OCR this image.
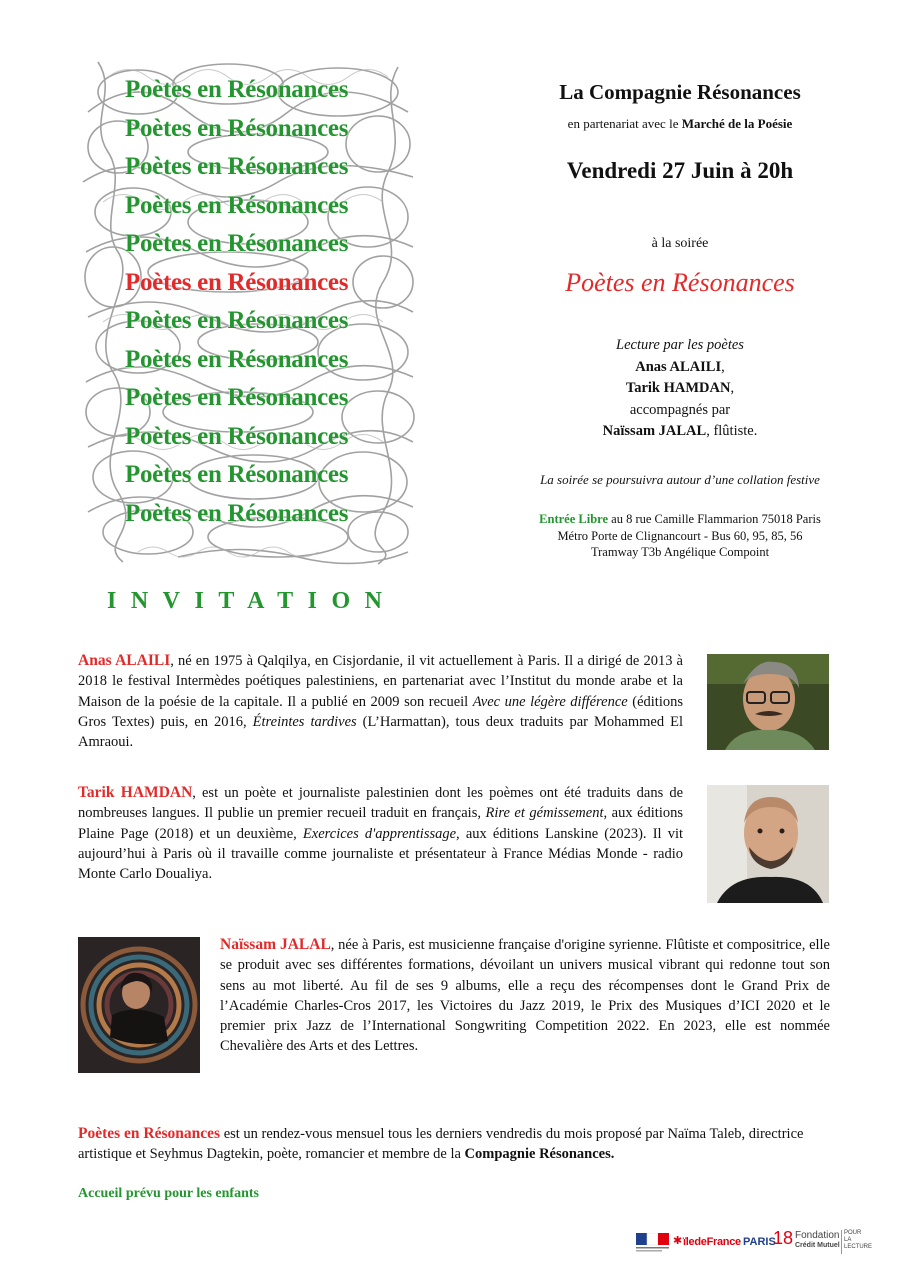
Poètes en Résonances
Poètes en Résonances
Poètes en Résonances
Poètes en Résonances
Poètes en Résonances
Poètes en Résonances
Poètes en Résonances
Poètes en Résonances
Poètes en Résonances
Poètes en Résonances
Poètes en Résonances
Poètes en Résonances
INVITATION
La Compagnie Résonances
en partenariat avec le Marché de la Poésie
Vendredi 27 Juin à 20h
à la soirée
Poètes en Résonances
Lecture par les poètes
Anas ALAILI,
Tarik HAMDAN,
accompagnés par
Naïssam JALAL, flûtiste.
La soirée se poursuivra autour d’une collation festive
Entrée Libre au 8 rue Camille Flammarion 75018 Paris
Métro Porte de Clignancourt - Bus 60, 95, 85, 56
Tramway T3b Angélique Compoint

Anas ALAILI, né en 1975 à Qalqilya, en Cisjordanie, il vit actuellement à Paris. Il a dirigé de 2013 à 2018 le festival Intermèdes poétiques palestiniens, en partenariat avec l’Institut du monde arabe et la Maison de la poésie de la capitale. Il a publié en 2009 son recueil Avec une légère différence (éditions Gros Textes) puis, en 2016, Étreintes tardives (L’Harmattan), tous deux traduits par Mohammed El Amraoui.

Tarik HAMDAN, est un poète et journaliste palestinien dont les poèmes ont été traduits dans de nombreuses langues. Il publie un premier recueil traduit en français, Rire et gémissement, aux éditions Plaine Page (2018) et un deuxième, Exercices d'apprentissage, aux éditions Lanskine (2023). Il vit aujourd’hui à Paris où il travaille comme journaliste et présentateur à France Médias Monde - radio Monte Carlo Doualiya.

Naïssam JALAL, née à Paris, est musicienne française d'origine syrienne. Flûtiste et compositrice, elle se produit avec ses différentes formations, dévoilant un univers musical vibrant qui redonne tout son sens au mot liberté. Au fil de ses 9 albums, elle a reçu des récompenses dont le Grand Prix de l’Académie Charles-Cros 2017, les Victoires du Jazz 2019, le Prix des Musiques d’ICI 2020 et le premier prix Jazz de l’International Songwriting Competition 2022. En 2023, elle est nommée Chevalière des Arts et des Lettres.

Poètes en Résonances est un rendez-vous mensuel tous les derniers vendredis du mois proposé par Naïma Taleb, directrice artistique et Seyhmus Dagtekin, poète, romancier et membre de la Compagnie Résonances.

Accueil prévu pour les enfants
✱ ïledeFrance PARIS
18 Fondation
Crédit Mutuel
POUR
LA
LECTURE
